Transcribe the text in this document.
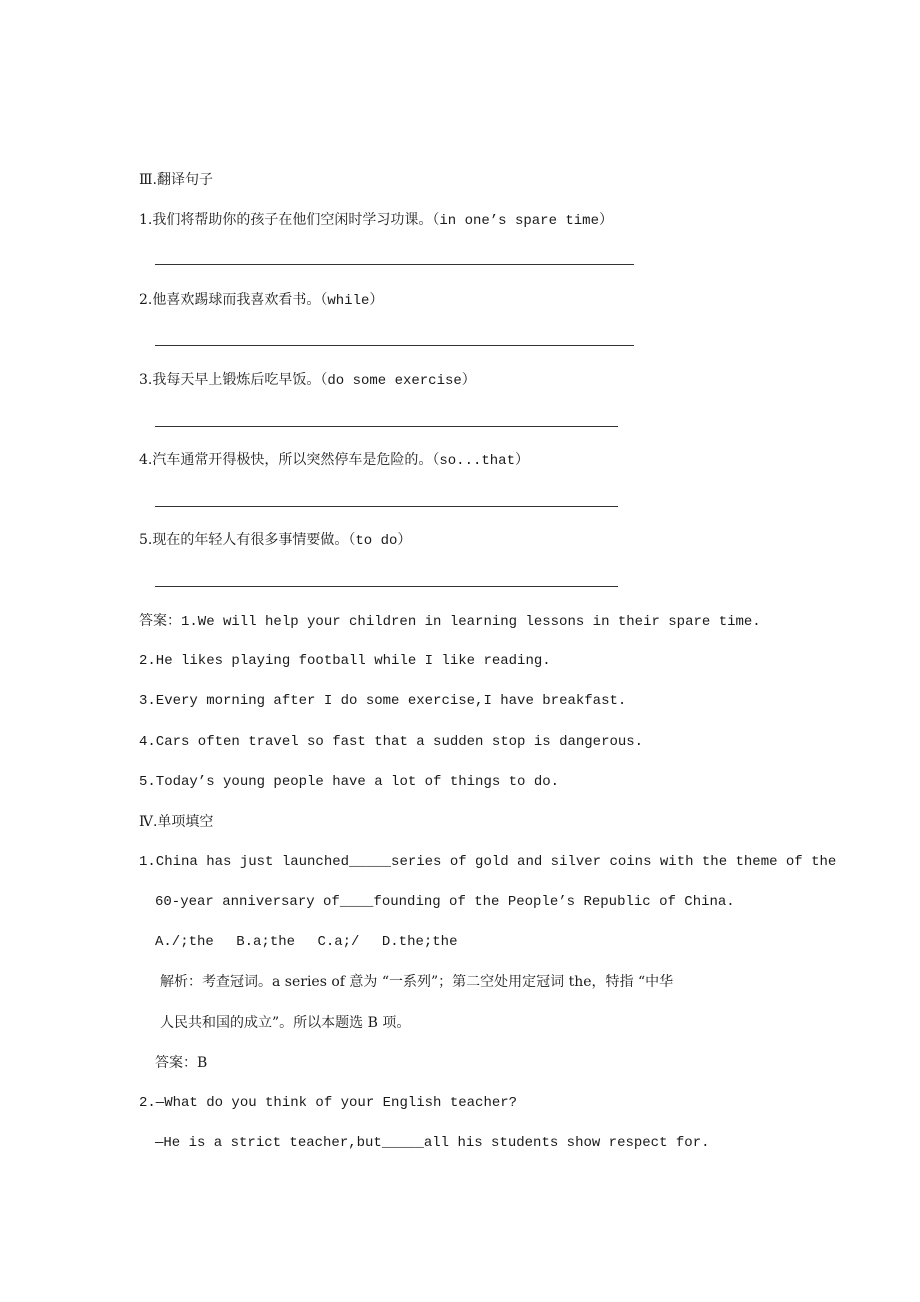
Ⅲ.翻译句子
1.我们将帮助你的孩子在他们空闲时学习功课。（in one’s spare time）
2.他喜欢踢球而我喜欢看书。（while）
3.我每天早上锻炼后吃早饭。（do some exercise）
4.汽车通常开得极快，所以突然停车是危险的。（so...that）
5.现在的年轻人有很多事情要做。（to do）
答案：1.We will help your children in learning lessons in their spare time.
2.He likes playing football while I like reading.
3.Every morning after I do some exercise,I have breakfast.
4.Cars often travel so fast that a sudden stop is dangerous.
5.Today’s young people have a lot of things to do.
Ⅳ.单项填空
1.China has just launched_____series of gold and silver coins with the theme of the
60-year anniversary of____founding of the People’s Republic of China.
A./;the B.a;the C.a;/ D.the;the
解析：考查冠词。a series of 意为 “一系列”；第二空处用定冠词 the，特指 “中华
人民共和国的成立”。所以本题选 B 项。
答案：B
2.—What do you think of your English teacher?
—He is a strict teacher,but_____all his students show respect for.
